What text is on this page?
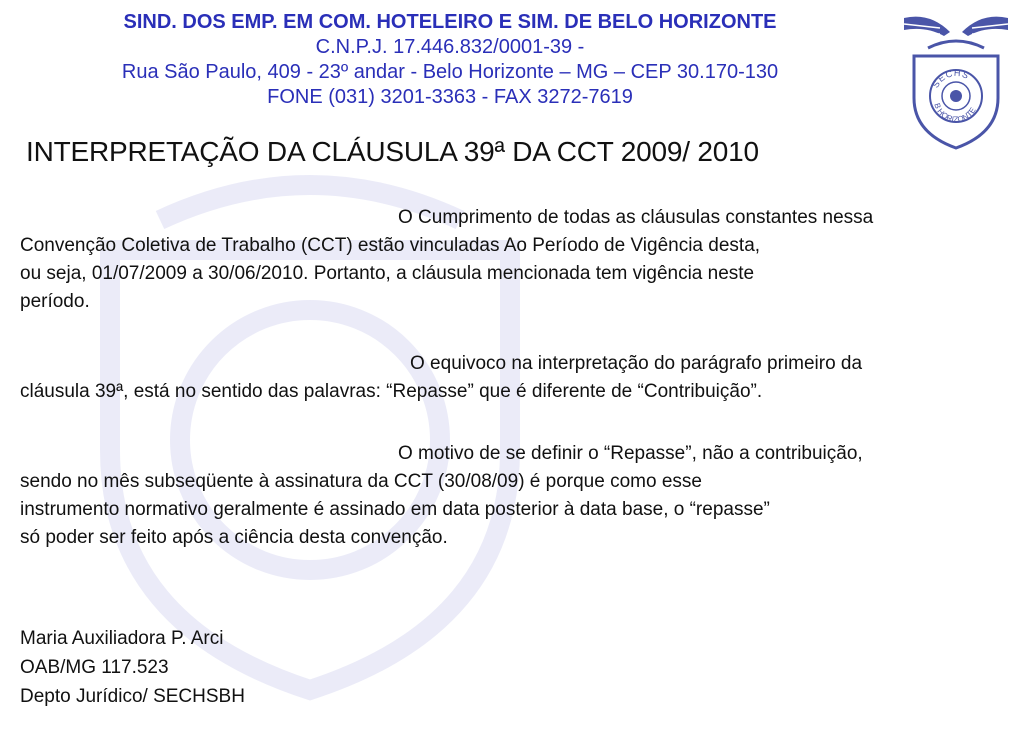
SIND. DOS EMP. EM COM. HOTELEIRO E SIM. DE BELO HORIZONTE
C.N.P.J. 17.446.832/0001-39 -
Rua São Paulo, 409 - 23º andar - Belo Horizonte – MG – CEP 30.170-130
FONE (031) 3201-3363 - FAX 3272-7619
SECHS
B HORIZONTE
INTERPRETAÇÃO DA CLÁUSULA 39ª DA CCT 2009/ 2010
O Cumprimento de todas as cláusulas constantes nessa
Convenção Coletiva de Trabalho (CCT) estão vinculadas Ao Período de Vigência desta,
ou seja, 01/07/2009 a 30/06/2010. Portanto, a cláusula mencionada tem vigência neste
período.
O equivoco na interpretação do parágrafo primeiro da
cláusula 39ª, está no sentido das palavras: “Repasse” que é diferente de “Contribuição”.
O motivo de se definir o “Repasse”, não a contribuição,
sendo no mês subseqüente à assinatura da CCT (30/08/09) é porque como esse
instrumento normativo geralmente é assinado em data posterior à data base, o “repasse”
só poder ser feito após a ciência desta convenção.
Maria Auxiliadora P. Arci
OAB/MG 117.523
Depto Jurídico/ SECHSBH
